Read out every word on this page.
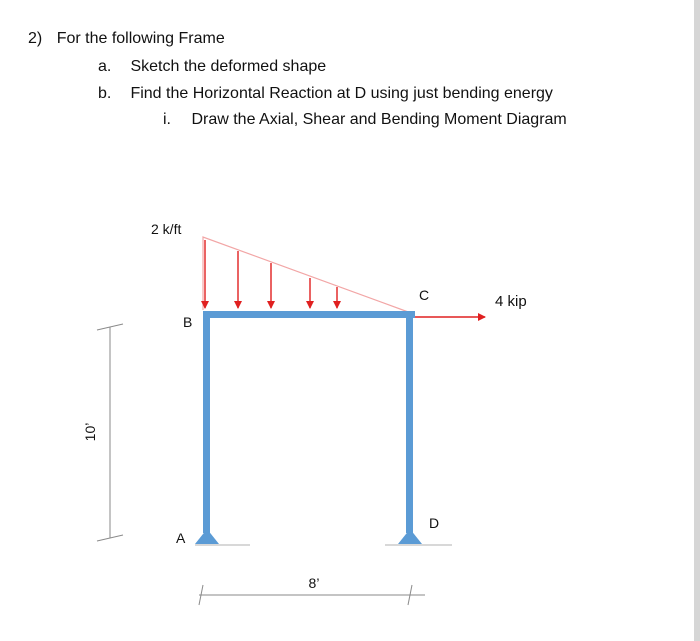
2) For the following Frame
a. Sketch the deformed shape
b. Find the Horizontal Reaction at D using just bending energy
i. Draw the Axial, Shear and Bending Moment Diagram
10’
8’
2 k/ft
4 kip
B
C
A
D
